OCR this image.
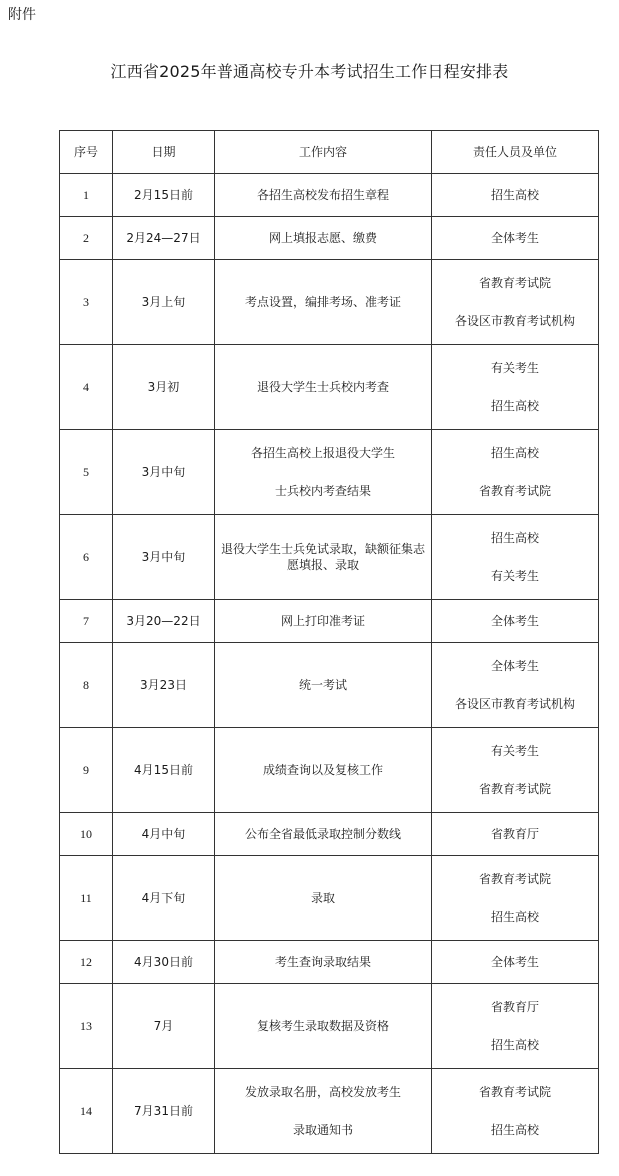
附件
江西省2025年普通高校专升本考试招生工作日程安排表
序号	日期	工作内容	责任人员及单位
1	2月15日前	各招生高校发布招生章程	招生高校
2	2月24—27日	网上填报志愿、缴费	全体考生
3	3月上旬	考点设置，编排考场、准考证	省教育考试院
各设区市教育考试机构

4	3月初	退役大学生士兵校内考查	有关考生
招生高校

5	3月中旬	各招生高校上报退役大学生
士兵校内考查结果	招生高校
省教育考试院

6	3月中旬	退役大学生士兵免试录取，缺额征集志愿填报、录取	招生高校
有关考生

7	3月20—22日	网上打印准考证	全体考生
8	3月23日	统一考试	全体考生
各设区市教育考试机构

9	4月15日前	成绩查询以及复核工作	有关考生
省教育考试院

10	4月中旬	公布全省最低录取控制分数线	省教育厅
11	4月下旬	录取	省教育考试院
招生高校

12	4月30日前	考生查询录取结果	全体考生
13	7月	复核考生录取数据及资格	省教育厅
招生高校

14	7月31日前	发放录取名册，高校发放考生
录取通知书	省教育考试院
招生高校
